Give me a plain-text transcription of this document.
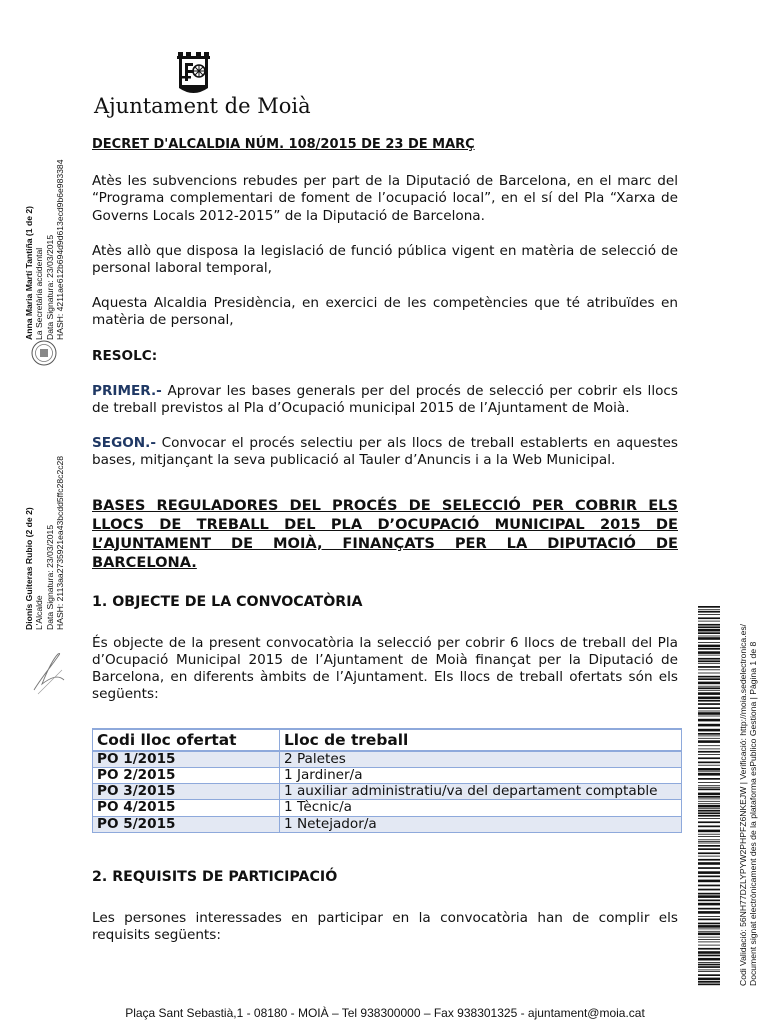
Ajuntament de Moià
Anna Maria Martí Tantiña (1 de 2) La Secretària accidental Data Signatura: 23/03/2015 HASH: 4211ae612b694d9d613ecd9b6e983384
Dionís Guiteras Rubio (2 de 2) L'Alcalde Data Signatura: 23/03/2015 HASH: 2113aa2735921ea43bcdd5ffc28c2c28
DECRET D'ALCALDIA NÚM. 108/2015 DE 23 DE MARÇ

Atès les subvencions rebudes per part de la Diputació de Barcelona, en el marc del “Programa complementari de foment de l’ocupació local”, en el sí del Pla “Xarxa de Governs Locals 2012-2015” de la Diputació de Barcelona.

Atès allò que disposa la legislació de funció pública vigent en matèria de selecció de personal laboral temporal,

Aquesta Alcaldia Presidència, en exercici de les competències que té atribuïdes en matèria de personal,

RESOLC:

PRIMER.- Aprovar les bases generals per del procés de selecció per cobrir els llocs de treball previstos al Pla d’Ocupació municipal 2015 de l’Ajuntament de Moià.

SEGON.- Convocar el procés selectiu per als llocs de treball establerts en aquestes bases, mitjançant la seva publicació al Tauler d’Anuncis i a la Web Municipal.

BASES REGULADORES DEL PROCÉS DE SELECCIÓ PER COBRIR ELS LLOCS DE TREBALL DEL PLA D’OCUPACIÓ MUNICIPAL 2015 DE L’AJUNTAMENT DE MOIÀ, FINANÇATS PER LA DIPUTACIÓ DE BARCELONA.
1. OBJECTE DE LA CONVOCATÒRIA

És objecte de la present convocatòria la selecció per cobrir 6 llocs de treball del Pla d’Ocupació Municipal 2015 de l’Ajuntament de Moià finançat per la Diputació de Barcelona, en diferents àmbits de l’Ajuntament. Els llocs de treball ofertats són els següents:

Codi lloc ofertat	Lloc de treball
PO 1/2015	2 Paletes
PO 2/2015	1 Jardiner/a
PO 3/2015	1 auxiliar administratiu/va del departament comptable
PO 4/2015	1 Tècnic/a
PO 5/2015	1 Netejador/a
2. REQUISITS DE PARTICIPACIÓ

Les persones interessades en participar en la convocatòria han de complir els requisits següents:	Codi Validació: 56NH77DZLYPYW2PHPFZ6NKEJW | Verificació: http://moia.sedelectronica.es/ Document signat electrònicament des de la plataforma esPublico Gestiona | Pàgina 1 de 8
Plaça Sant Sebastià,1 - 08180 - MOIÀ – Tel 938300000 – Fax 938301325 - ajuntament@moia.cat
